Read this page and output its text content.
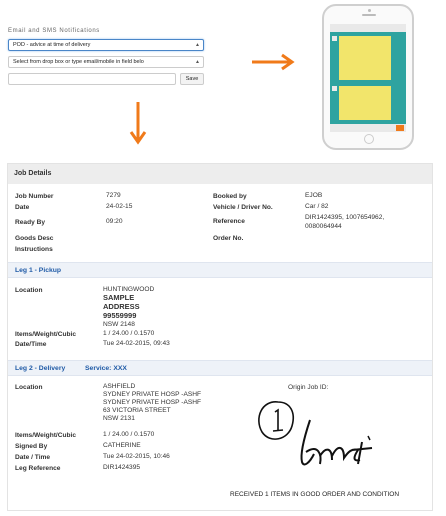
Email and SMS Notifications
POD - advice at time of delivery	▲

Select from drop box or type email/mobile in field belo	▲
Save
Job Details
Job Number	7279
Date	24-02-15
Ready By	09:20
Goods Desc
Instructions
Booked by	EJOB
Vehicle / Driver No.	Car / 82
Reference
DIR1424395, 1007654962,
0080064944
Order No.
Leg 1 - Pickup
Location	HUNTINGWOOD
SAMPLE
ADDRESS
99559999
NSW 2148
Items/Weight/Cubic	1 / 24.00 / 0.1570
Date/Time	Tue 24-02-2015, 09:43
Leg 2 - Delivery	Service: XXX
Location	ASHFIELD
SYDNEY PRIVATE HOSP -ASHF
SYDNEY PRIVATE HOSP -ASHF
63 VICTORIA STREET
NSW 2131
Origin Job ID:
Items/Weight/Cubic	1 / 24.00 / 0.1570
Signed By	CATHERINE
Date / Time	Tue 24-02-2015, 10:46
Leg Reference	DIR1424395
RECEIVED 1 ITEMS IN GOOD ORDER AND CONDITION
